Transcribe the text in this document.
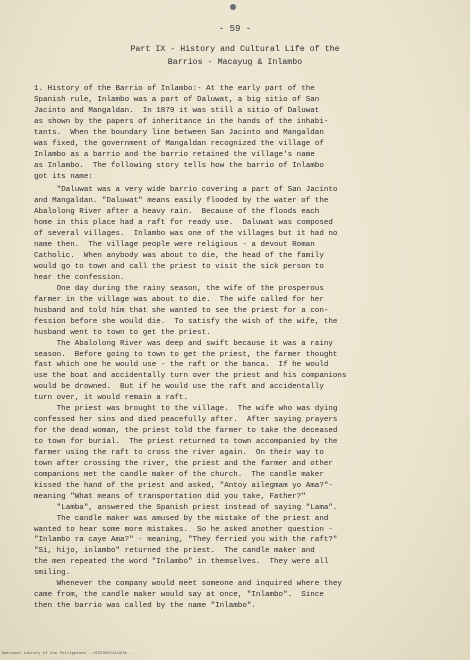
- 59 -
Part IX - History and Cultural Life of the
Barrios - Macayug & Inlambo
1. History of the Barrio of Inlambo:- At the early part of the
Spanish rule, Inlambo was a part of Daluwat, a big sitio of San
Jacinto and Mangaldan.  In 1879 it was still a sitio of Daluwat
as shown by the papers of inheritance in the hands of the inhabi-
tants.  When the boundary line between San Jacinto and Mangaldan
was fixed, the government of Mangaldan recognized the village of
Inlambo as a barrio and the barrio retained the village's name
as Inlambo.  The following story tells how the barrio of Inlambo
got its name:
"Daluwat was a very wide barrio covering a part of San Jacinto
and Mangaldan. "Daluwat" means easily flooded by the water of the
Abalolong River after a heavy rain.  Because of the floods each
home in this place had a raft for ready use.  Daluwat was composed
of several villages.  Inlambo was one of the villages but it had no
name then.  The village people were religious - a devout Roman
Catholic.  When anybody was about to die, the head of the family
would go to town and call the priest to visit the sick person to
hear the confession.
One day during the rainy season, the wife of the prosperous
farmer in the village was about to die.  The wife called for her
husband and told him that she wanted to see the priest for a con-
fession before she would die.  To satisfy the wish of the wife, the
husband went to town to get the priest.
The Abalolong River was deep and swift because it was a rainy
season.  Before going to town to get the priest, the farmer thought
fast which one he would use - the raft or the banca.  If he would
use the boat and accidentally turn over the priest and his companions
would be drowned.  But if he would use the raft and accidentally
turn over, it would remain a raft.
The priest was brought to the village.  The wife who was dying
confessed her sins and died peacefully after.  After saying prayers
for the dead woman, the priest told the farmer to take the deceased
to town for burial.  The priest returned to town accompanied by the
farmer using the raft to cross the river again.  On their way to
town after crossing the river, the priest and the farmer and other
companions met the candle maker of the church.  The candle maker
kissed the hand of the priest and asked, "Antoy ailegmam yo Ama?"-
meaning "What means of transportation did you take, Father?"
"Lamba", answered the Spanish priest instead of saying "Lama".
The candle maker was amused by the mistake of the priest and
wanted to hear some more mistakes.  So he asked another question -
"Inlambo ra caye Ama?" - meaning, "They ferried you with the raft?"
"Si, hijo, inlambo" returned the priest.  The candle maker and
the men repeated the word "Inlambo" in themselves.  They were all
smiling.
Whenever the company would meet someone and inquired where they
came from, the candle maker would say at once, "Inlambo".  Since
then the barrio was called by the name "Inlambo".
National Library of the Philippines - HISTORICALDATA...
